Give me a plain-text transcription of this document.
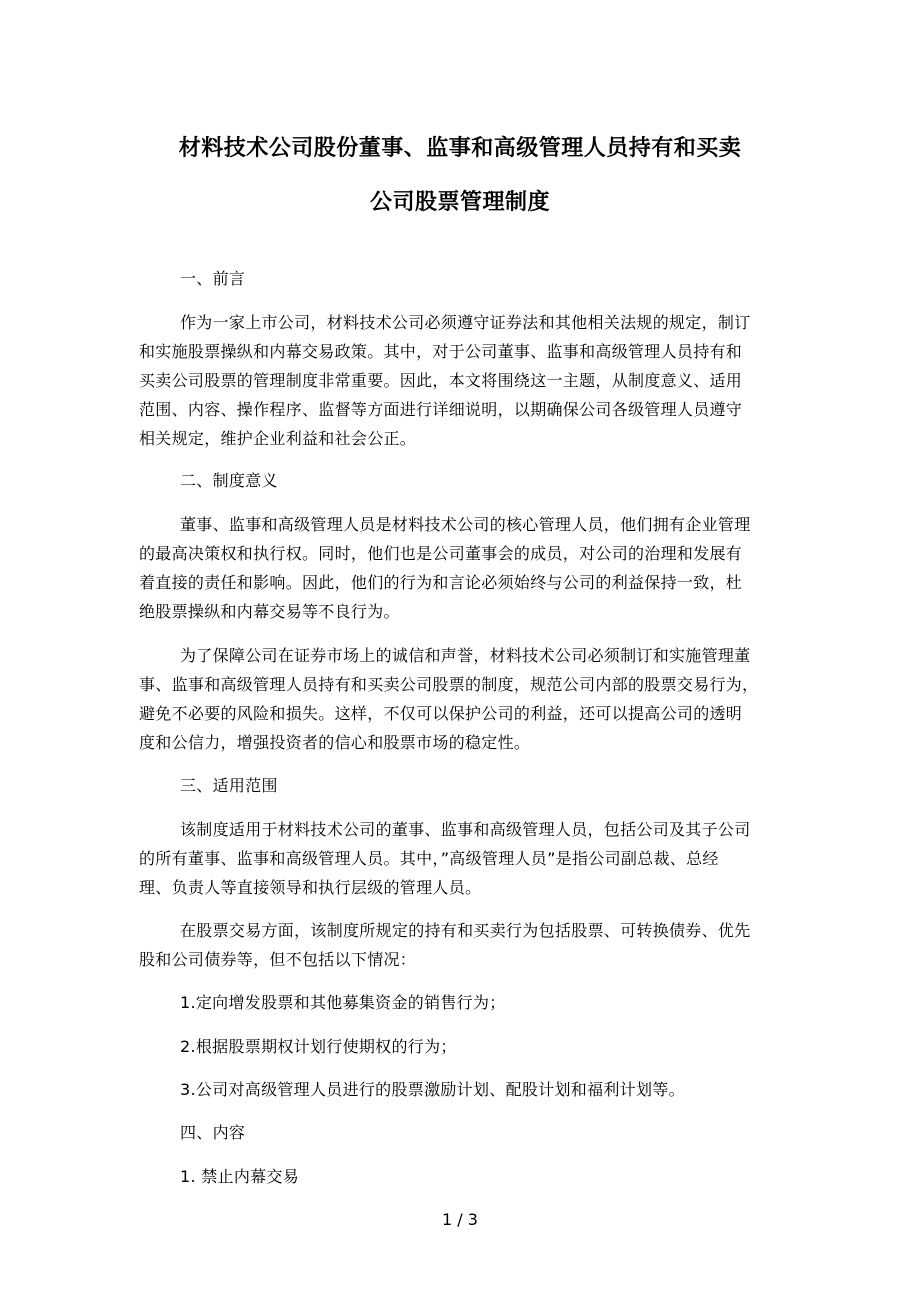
材料技术公司股份董事、监事和高级管理人员持有和买卖
公司股票管理制度
一、前言
作为一家上市公司，材料技术公司必须遵守证券法和其他相关法规的规定，制订
和实施股票操纵和内幕交易政策。其中，对于公司董事、监事和高级管理人员持有和
买卖公司股票的管理制度非常重要。因此，本文将围绕这一主题，从制度意义、适用
范围、内容、操作程序、监督等方面进行详细说明，以期确保公司各级管理人员遵守
相关规定，维护企业利益和社会公正。
二、制度意义
董事、监事和高级管理人员是材料技术公司的核心管理人员，他们拥有企业管理
的最高决策权和执行权。同时，他们也是公司董事会的成员，对公司的治理和发展有
着直接的责任和影响。因此，他们的行为和言论必须始终与公司的利益保持一致，杜
绝股票操纵和内幕交易等不良行为。
为了保障公司在证券市场上的诚信和声誉，材料技术公司必须制订和实施管理董
事、监事和高级管理人员持有和买卖公司股票的制度，规范公司内部的股票交易行为，
避免不必要的风险和损失。这样，不仅可以保护公司的利益，还可以提高公司的透明
度和公信力，增强投资者的信心和股票市场的稳定性。
三、适用范围
该制度适用于材料技术公司的董事、监事和高级管理人员，包括公司及其子公司
的所有董事、监事和高级管理人员。其中，”高级管理人员”是指公司副总裁、总经
理、负责人等直接领导和执行层级的管理人员。
在股票交易方面，该制度所规定的持有和买卖行为包括股票、可转换债券、优先
股和公司债券等，但不包括以下情况：
1.定向增发股票和其他募集资金的销售行为；
2.根据股票期权计划行使期权的行为；
3.公司对高级管理人员进行的股票激励计划、配股计划和福利计划等。
四、内容
1. 禁止内幕交易
1 / 3
